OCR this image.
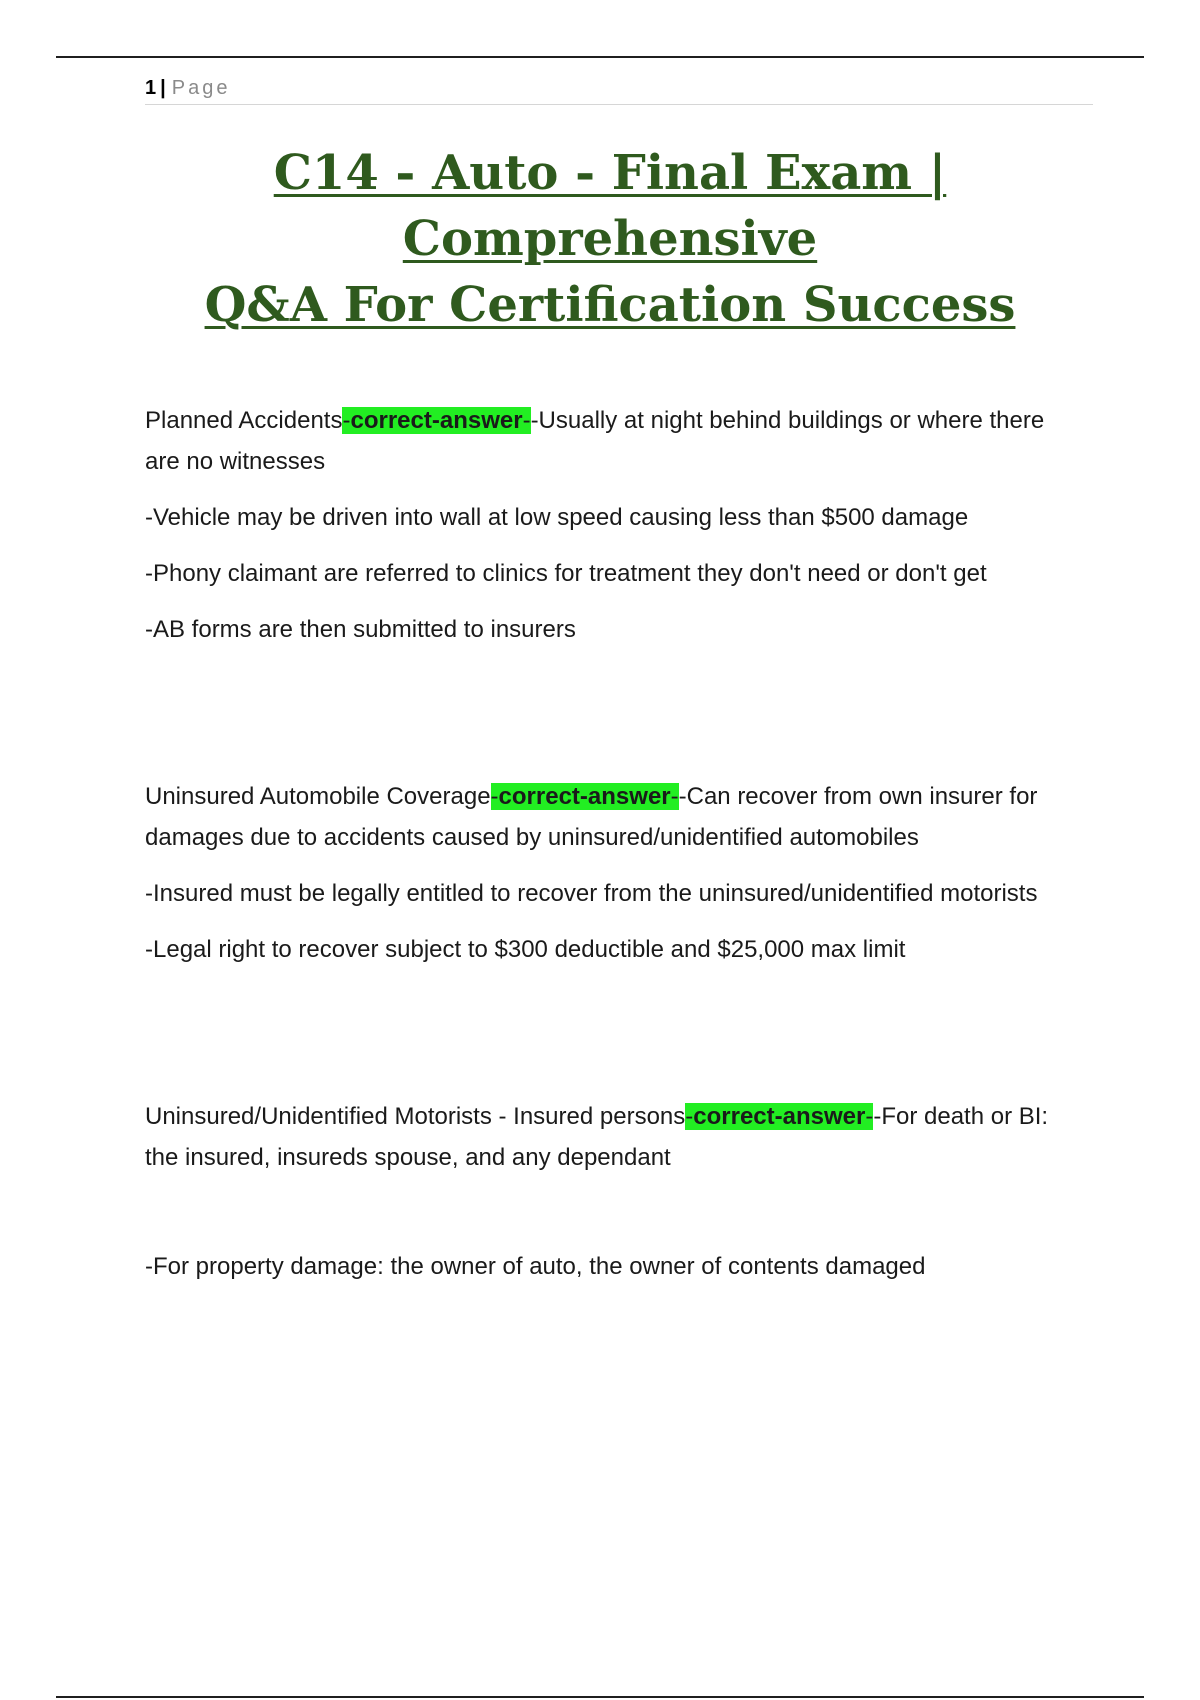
1 | Page
C14 - Auto - Final Exam | Comprehensive
Q&A For Certification Success

Planned Accidents-correct-answer--Usually at night behind buildings or where there are no witnesses

-Vehicle may be driven into wall at low speed causing less than $500 damage

-Phony claimant are referred to clinics for treatment they don't need or don't get

-AB forms are then submitted to insurers

Uninsured Automobile Coverage-correct-answer--Can recover from own insurer for damages due to accidents caused by uninsured/unidentified automobiles

-Insured must be legally entitled to recover from the uninsured/unidentified motorists

-Legal right to recover subject to $300 deductible and $25,000 max limit

Uninsured/Unidentified Motorists - Insured persons-correct-answer--For death or BI: the insured, insureds spouse, and any dependant

-For property damage: the owner of auto, the owner of contents damaged
